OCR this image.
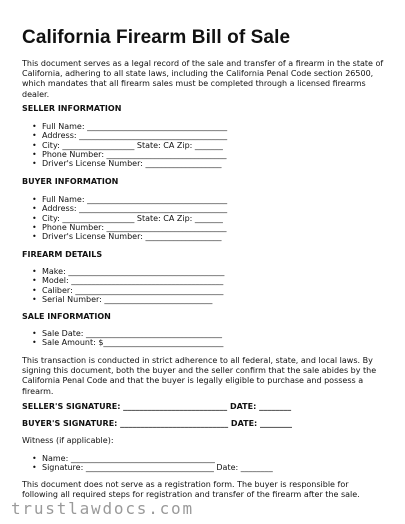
California Firearm Bill of Sale

This document serves as a legal record of the sale and transfer of a firearm in the state of California, adhering to all state laws, including the California Penal Code section 26500, which mandates that all firearm sales must be completed through a licensed firearms dealer.

SELLER INFORMATION

• Full Name: ___________________________________
• Address: _____________________________________
• City: __________________ State: CA Zip: _______
• Phone Number: ______________________________
• Driver's License Number: ___________________

BUYER INFORMATION

• Full Name: ___________________________________
• Address: _____________________________________
• City: __________________ State: CA Zip: _______
• Phone Number: ______________________________
• Driver's License Number: ___________________

FIREARM DETAILS

• Make: _______________________________________
• Model: ______________________________________
• Caliber: _____________________________________
• Serial Number: ___________________________

SALE INFORMATION

• Sale Date: __________________________________
• Sale Amount: $______________________________

This transaction is conducted in strict adherence to all federal, state, and local laws. By signing this document, both the buyer and the seller confirm that the sale abides by the California Penal Code and that the buyer is legally eligible to purchase and possess a firearm.

SELLER'S SIGNATURE: __________________________ DATE: ________

BUYER'S SIGNATURE: ___________________________ DATE: ________

Witness (if applicable):

• Name: ____________________________________
• Signature: ________________________________ Date: ________

This document does not serve as a registration form. The buyer is responsible for following all required steps for registration and transfer of the firearm after the sale.

trustlawdocs.com
